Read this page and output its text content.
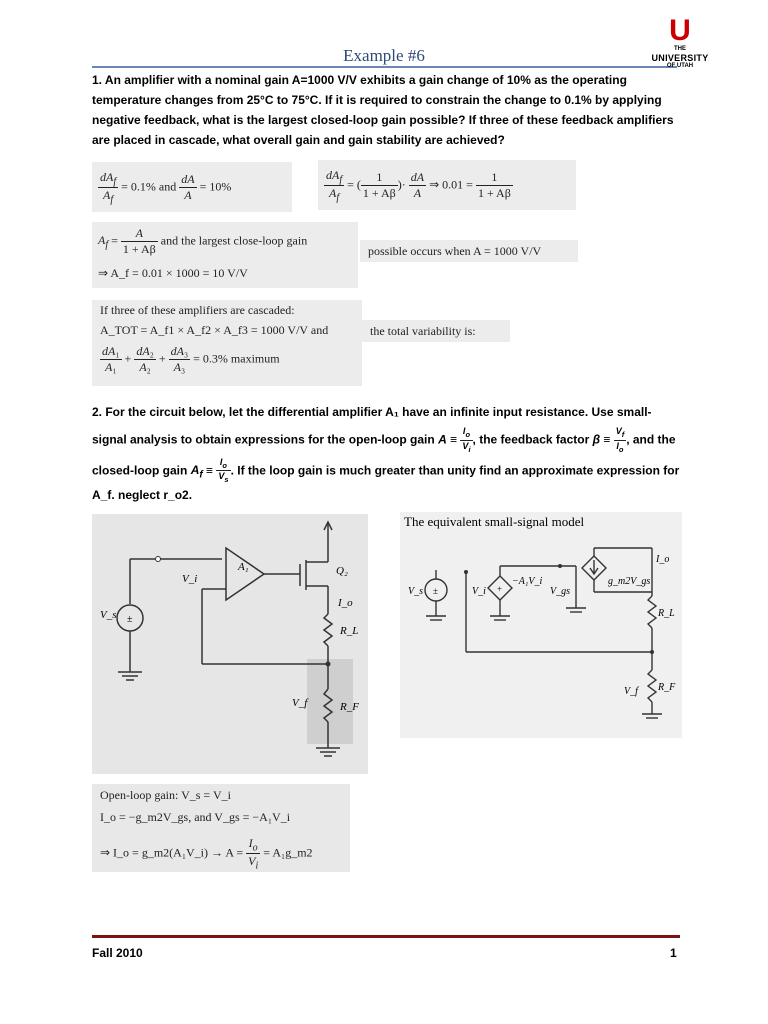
Example #6
U
THE
UNIVERSITY
OF UTAH
1. An amplifier with a nominal gain A=1000 V/V exhibits a gain change of 10% as the operating temperature changes from 25°C to 75°C. If it is required to constrain the change to 0.1% by applying negative feedback, what is the largest closed-loop gain possible? If three of these feedback amplifiers are placed in cascade, what overall gain and gain stability are achieved?
$\frac{dA_f}{A_f} = 0.1\%$ and $\frac{dA}{A} = 10\%$	$\frac{dA_f}{A_f}$ = ( $\frac{1}{1 + A\beta}$ )· $\frac{dA}{A}$ ⇒ $0.01 = \frac{1}{1 + A\beta}$
$A_f = \frac{A}{1 + A\beta}$ and the largest close-loop gain
⇒ A_f = 0.01 × 1000 = 10 V/V
possible occurs when A = 1000 V/V
If three of these amplifiers are cascaded:
A_TOT = A_f1 × A_f2 × A_f3 = 1000 V/V and
$\frac{\text{dA₁}}{\text{A₁}} + \frac{\text{dA₂}}{\text{A₂}} + \frac{\text{dA₃}}{\text{A₃}} = 0.3\%$ maximum
the total variability is:
2. For the circuit below, let the differential amplifier A₁ have an infinite input resistance. Use small-
signal analysis to obtain expressions for the open-loop gain $A \equiv \frac{I_o}{V_i}$ , the feedback factor $\beta \equiv \frac{V_f}{I_o}$ , and the
closed-loop gain $A_f \equiv \frac{I_o}{V_s}$ . If the loop gain is much greater than unity find an approximate expression for
A_f. neglect r_o2.
±
V_s
V_i
A₁	Q₂
I_o
R_L
V_f	R_F
The equivalent small-signal model
+
±
V_s	V_i
−A₁V_i
V_gs
g_m2V_gs
I_o
R_L
V_f R_F
Open-loop gain: V_s = V_i
I_o = −g_m2V_gs, and V_gs = −A₁V_i
⇒ I_o = g_m2(A₁V_i) → $A = \frac{I_o}{V_i}$ = A₁g_m2
Fall 2010	1
